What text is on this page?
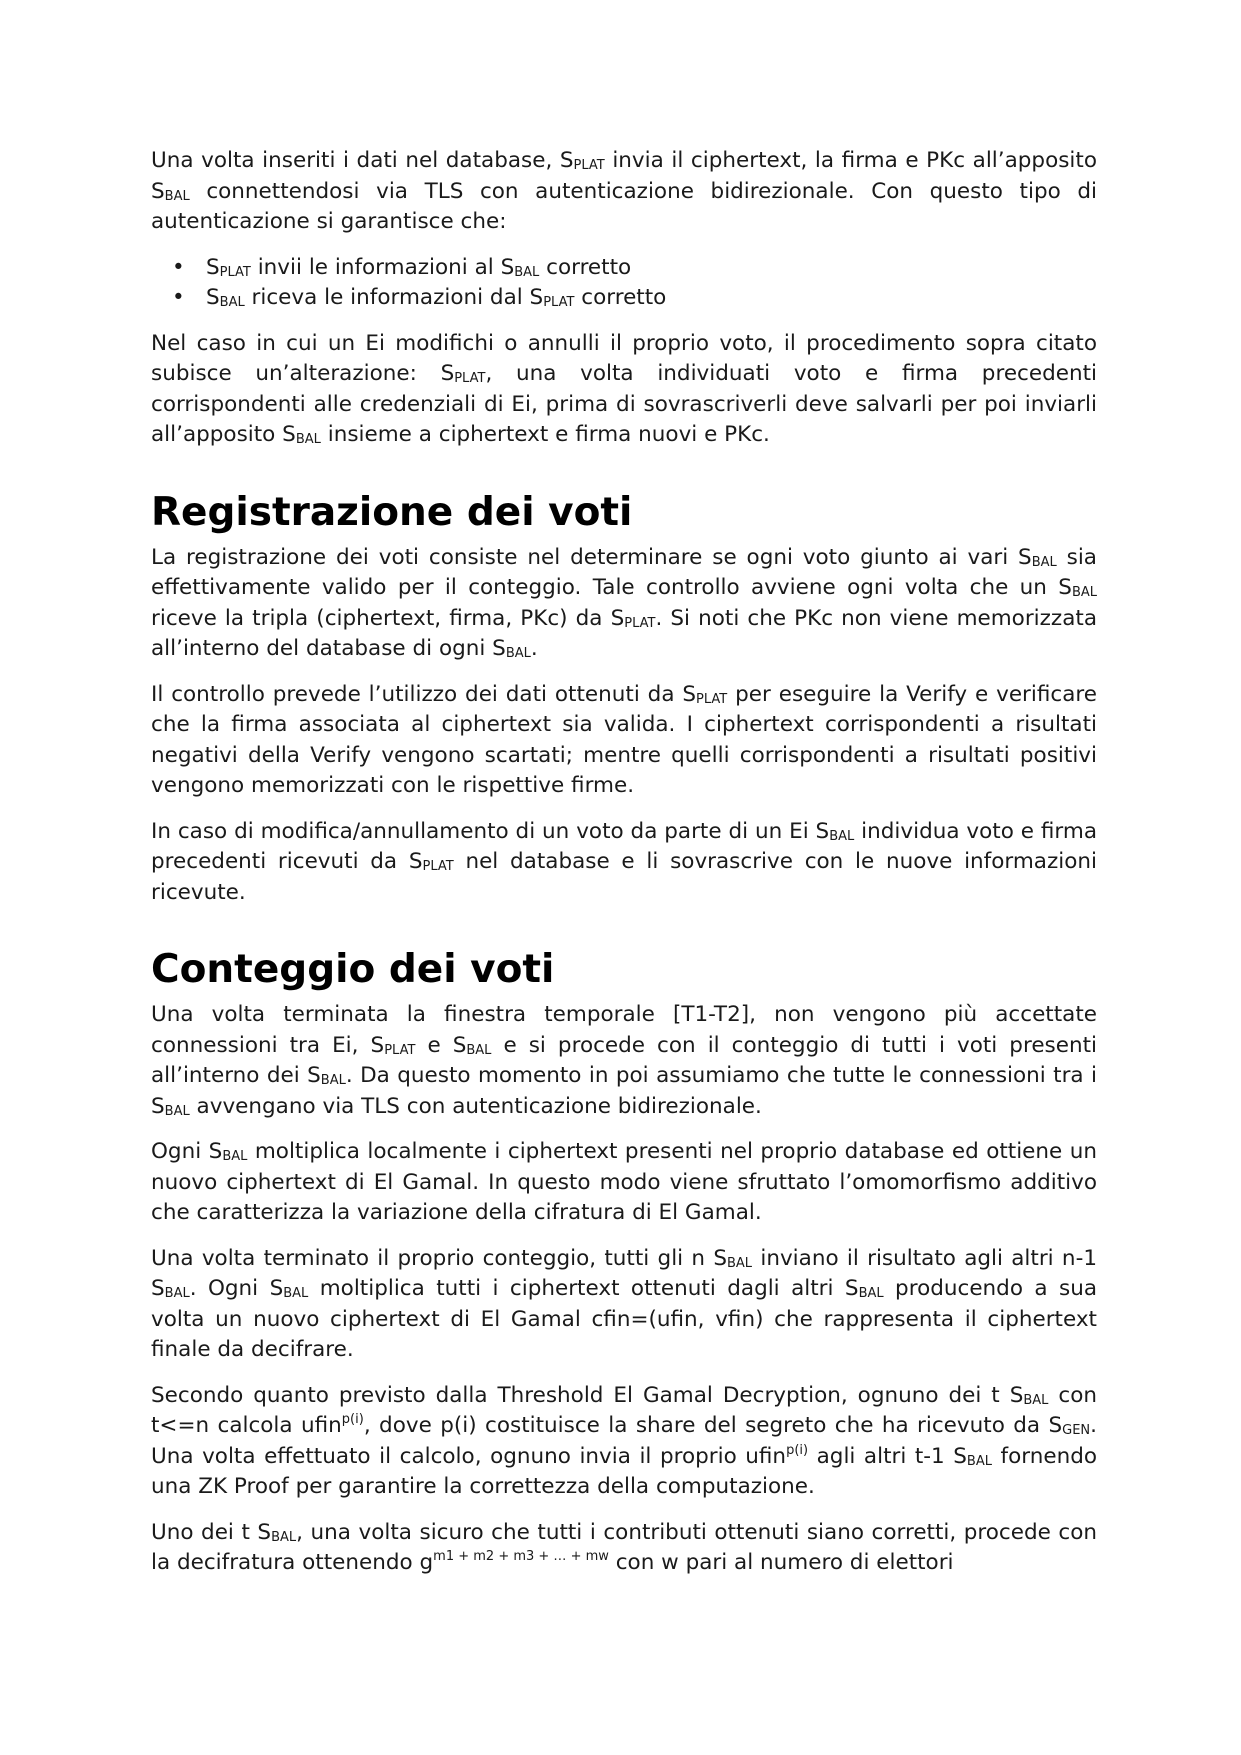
Una volta inseriti i dati nel database, $S_{PLAT}$ invia il ciphertext, la firma e PKc all’apposito $S_{BAL}$ connettendosi via TLS con autenticazione bidirezionale. Con questo tipo di autenticazione si garantisce che:

• $S_{PLAT}$ invii le informazioni al $S_{BAL}$ corretto
• $S_{BAL}$ riceva le informazioni dal $S_{PLAT}$ corretto

Nel caso in cui un Ei modifichi o annulli il proprio voto, il procedimento sopra citato subisce un’alterazione: $S_{PLAT}$, una volta individuati voto e firma precedenti corrispondenti alle credenziali di Ei, prima di sovrascriverli deve salvarli per poi inviarli all’apposito $S_{BAL}$ insieme a ciphertext e firma nuovi e PKc.

Registrazione dei voti

La registrazione dei voti consiste nel determinare se ogni voto giunto ai vari $S_{BAL}$ sia effettivamente valido per il conteggio. Tale controllo avviene ogni volta che un $S_{BAL}$ riceve la tripla (ciphertext, firma, PKc) da $S_{PLAT}$. Si noti che PKc non viene memorizzata all’interno del database di ogni $S_{BAL}$.

Il controllo prevede l’utilizzo dei dati ottenuti da $S_{PLAT}$ per eseguire la Verify e verificare che la firma associata al ciphertext sia valida. I ciphertext corrispondenti a risultati negativi della Verify vengono scartati; mentre quelli corrispondenti a risultati positivi vengono memorizzati con le rispettive firme.

In caso di modifica/annullamento di un voto da parte di un Ei $S_{BAL}$ individua voto e firma precedenti ricevuti da $S_{PLAT}$ nel database e li sovrascrive con le nuove informazioni ricevute.

Conteggio dei voti

Una volta terminata la finestra temporale [T1-T2], non vengono più accettate connessioni tra Ei, $S_{PLAT}$ e $S_{BAL}$ e si procede con il conteggio di tutti i voti presenti all’interno dei $S_{BAL}$. Da questo momento in poi assumiamo che tutte le connessioni tra i $S_{BAL}$ avvengano via TLS con autenticazione bidirezionale.

Ogni $S_{BAL}$ moltiplica localmente i ciphertext presenti nel proprio database ed ottiene un nuovo ciphertext di El Gamal. In questo modo viene sfruttato l’omomorfismo additivo che caratterizza la variazione della cifratura di El Gamal.

Una volta terminato il proprio conteggio, tutti gli n $S_{BAL}$ inviano il risultato agli altri n-1 $S_{BAL}$. Ogni $S_{BAL}$ moltiplica tutti i ciphertext ottenuti dagli altri $S_{BAL}$ producendo a sua volta un nuovo ciphertext di El Gamal cfin=(ufin, vfin) che rappresenta il ciphertext finale da decifrare.

Secondo quanto previsto dalla Threshold El Gamal Decryption, ognuno dei t $S_{BAL}$ con t<=n calcola ufin$^{p(i)}$, dove p(i) costituisce la share del segreto che ha ricevuto da $S_{GEN}$. Una volta effettuato il calcolo, ognuno invia il proprio ufin$^{p(i)}$ agli altri t-1 $S_{BAL}$ fornendo una ZK Proof per garantire la correttezza della computazione.

Uno dei t $S_{BAL}$, una volta sicuro che tutti i contributi ottenuti siano corretti, procede con la decifratura ottenendo $g^{m1 + m2 + m3 + \dots + mw}$ con w pari al numero di elettori
